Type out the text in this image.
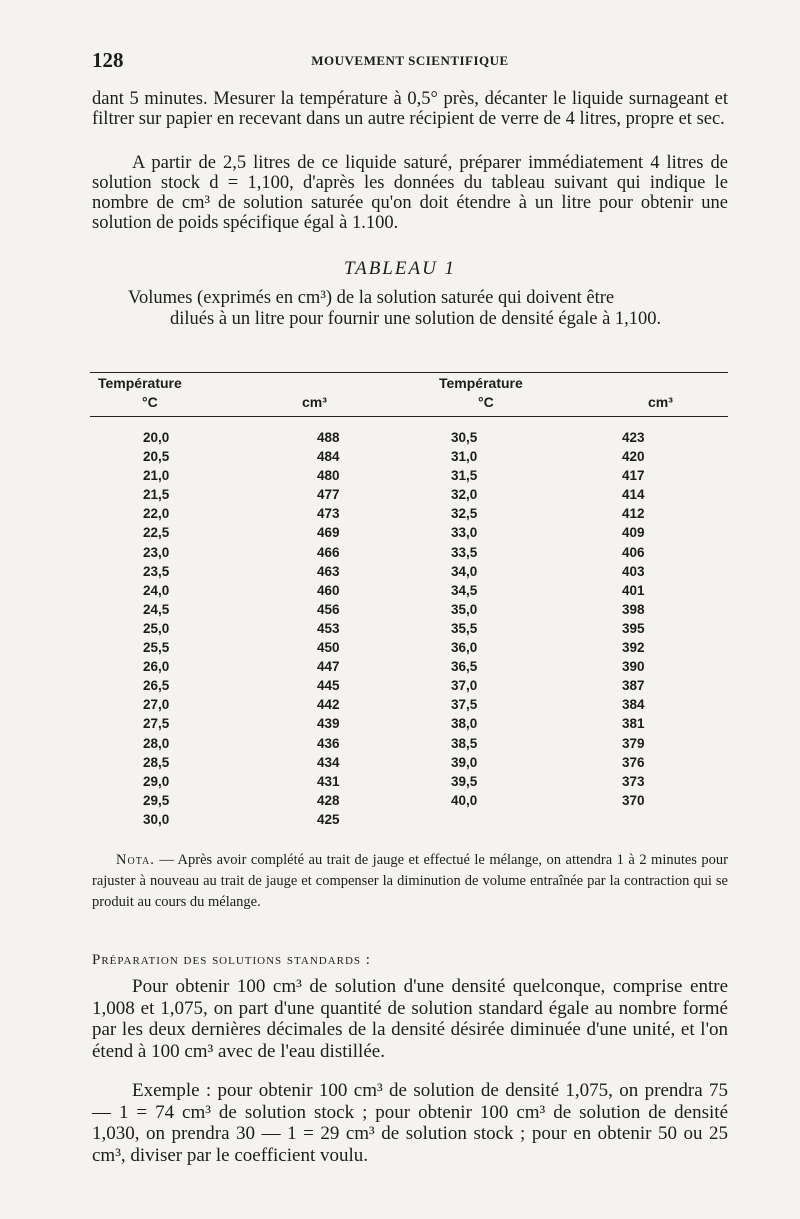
128	MOUVEMENT SCIENTIFIQUE

dant 5 minutes. Mesurer la température à 0,5° près, décanter le liquide surnageant et filtrer sur papier en recevant dans un autre récipient de verre de 4 litres, propre et sec.

A partir de 2,5 litres de ce liquide saturé, préparer immédiatement 4 litres de solution stock d = 1,100, d'après les données du tableau suivant qui indique le nombre de cm³ de solution saturée qu'on doit étendre à un litre pour obtenir une solution de poids spécifique égal à 1.100.

TABLEAU 1

Volumes (exprimés en cm³) de la solution saturée qui doivent être
dilués à un litre pour fournir une solution de densité égale à 1,100.

Température
°C	cm³
Température
°C	cm³
20,0	488	30,5	423
20,5	484	31,0	420
21,0	480	31,5	417
21,5	477	32,0	414
22,0	473	32,5	412
22,5	469	33,0	409
23,0	466	33,5	406
23,5	463	34,0	403
24,0	460	34,5	401
24,5	456	35,0	398
25,0	453	35,5	395
25,5	450	36,0	392
26,0	447	36,5	390
26,5	445	37,0	387
27,0	442	37,5	384
27,5	439	38,0	381
28,0	436	38,5	379
28,5	434	39,0	376
29,0	431	39,5	373
29,5	428	40,0	370
30,0	425

Nota. — Après avoir complété au trait de jauge et effectué le mélange, on attendra 1 à 2 minutes pour rajuster à nouveau au trait de jauge et compenser la diminution de volume entraînée par la contraction qui se produit au cours du mélange.

Préparation des solutions standards :

Pour obtenir 100 cm³ de solution d'une densité quelconque, comprise entre 1,008 et 1,075, on part d'une quantité de solution standard égale au nombre formé par les deux dernières décimales de la densité désirée diminuée d'une unité, et l'on étend à 100 cm³ avec de l'eau distillée.

Exemple : pour obtenir 100 cm³ de solution de densité 1,075, on prendra 75 — 1 = 74 cm³ de solution stock ; pour obtenir 100 cm³ de solution de densité 1,030, on prendra 30 — 1 = 29 cm³ de solution stock ; pour en obtenir 50 ou 25 cm³, diviser par le coefficient voulu.
